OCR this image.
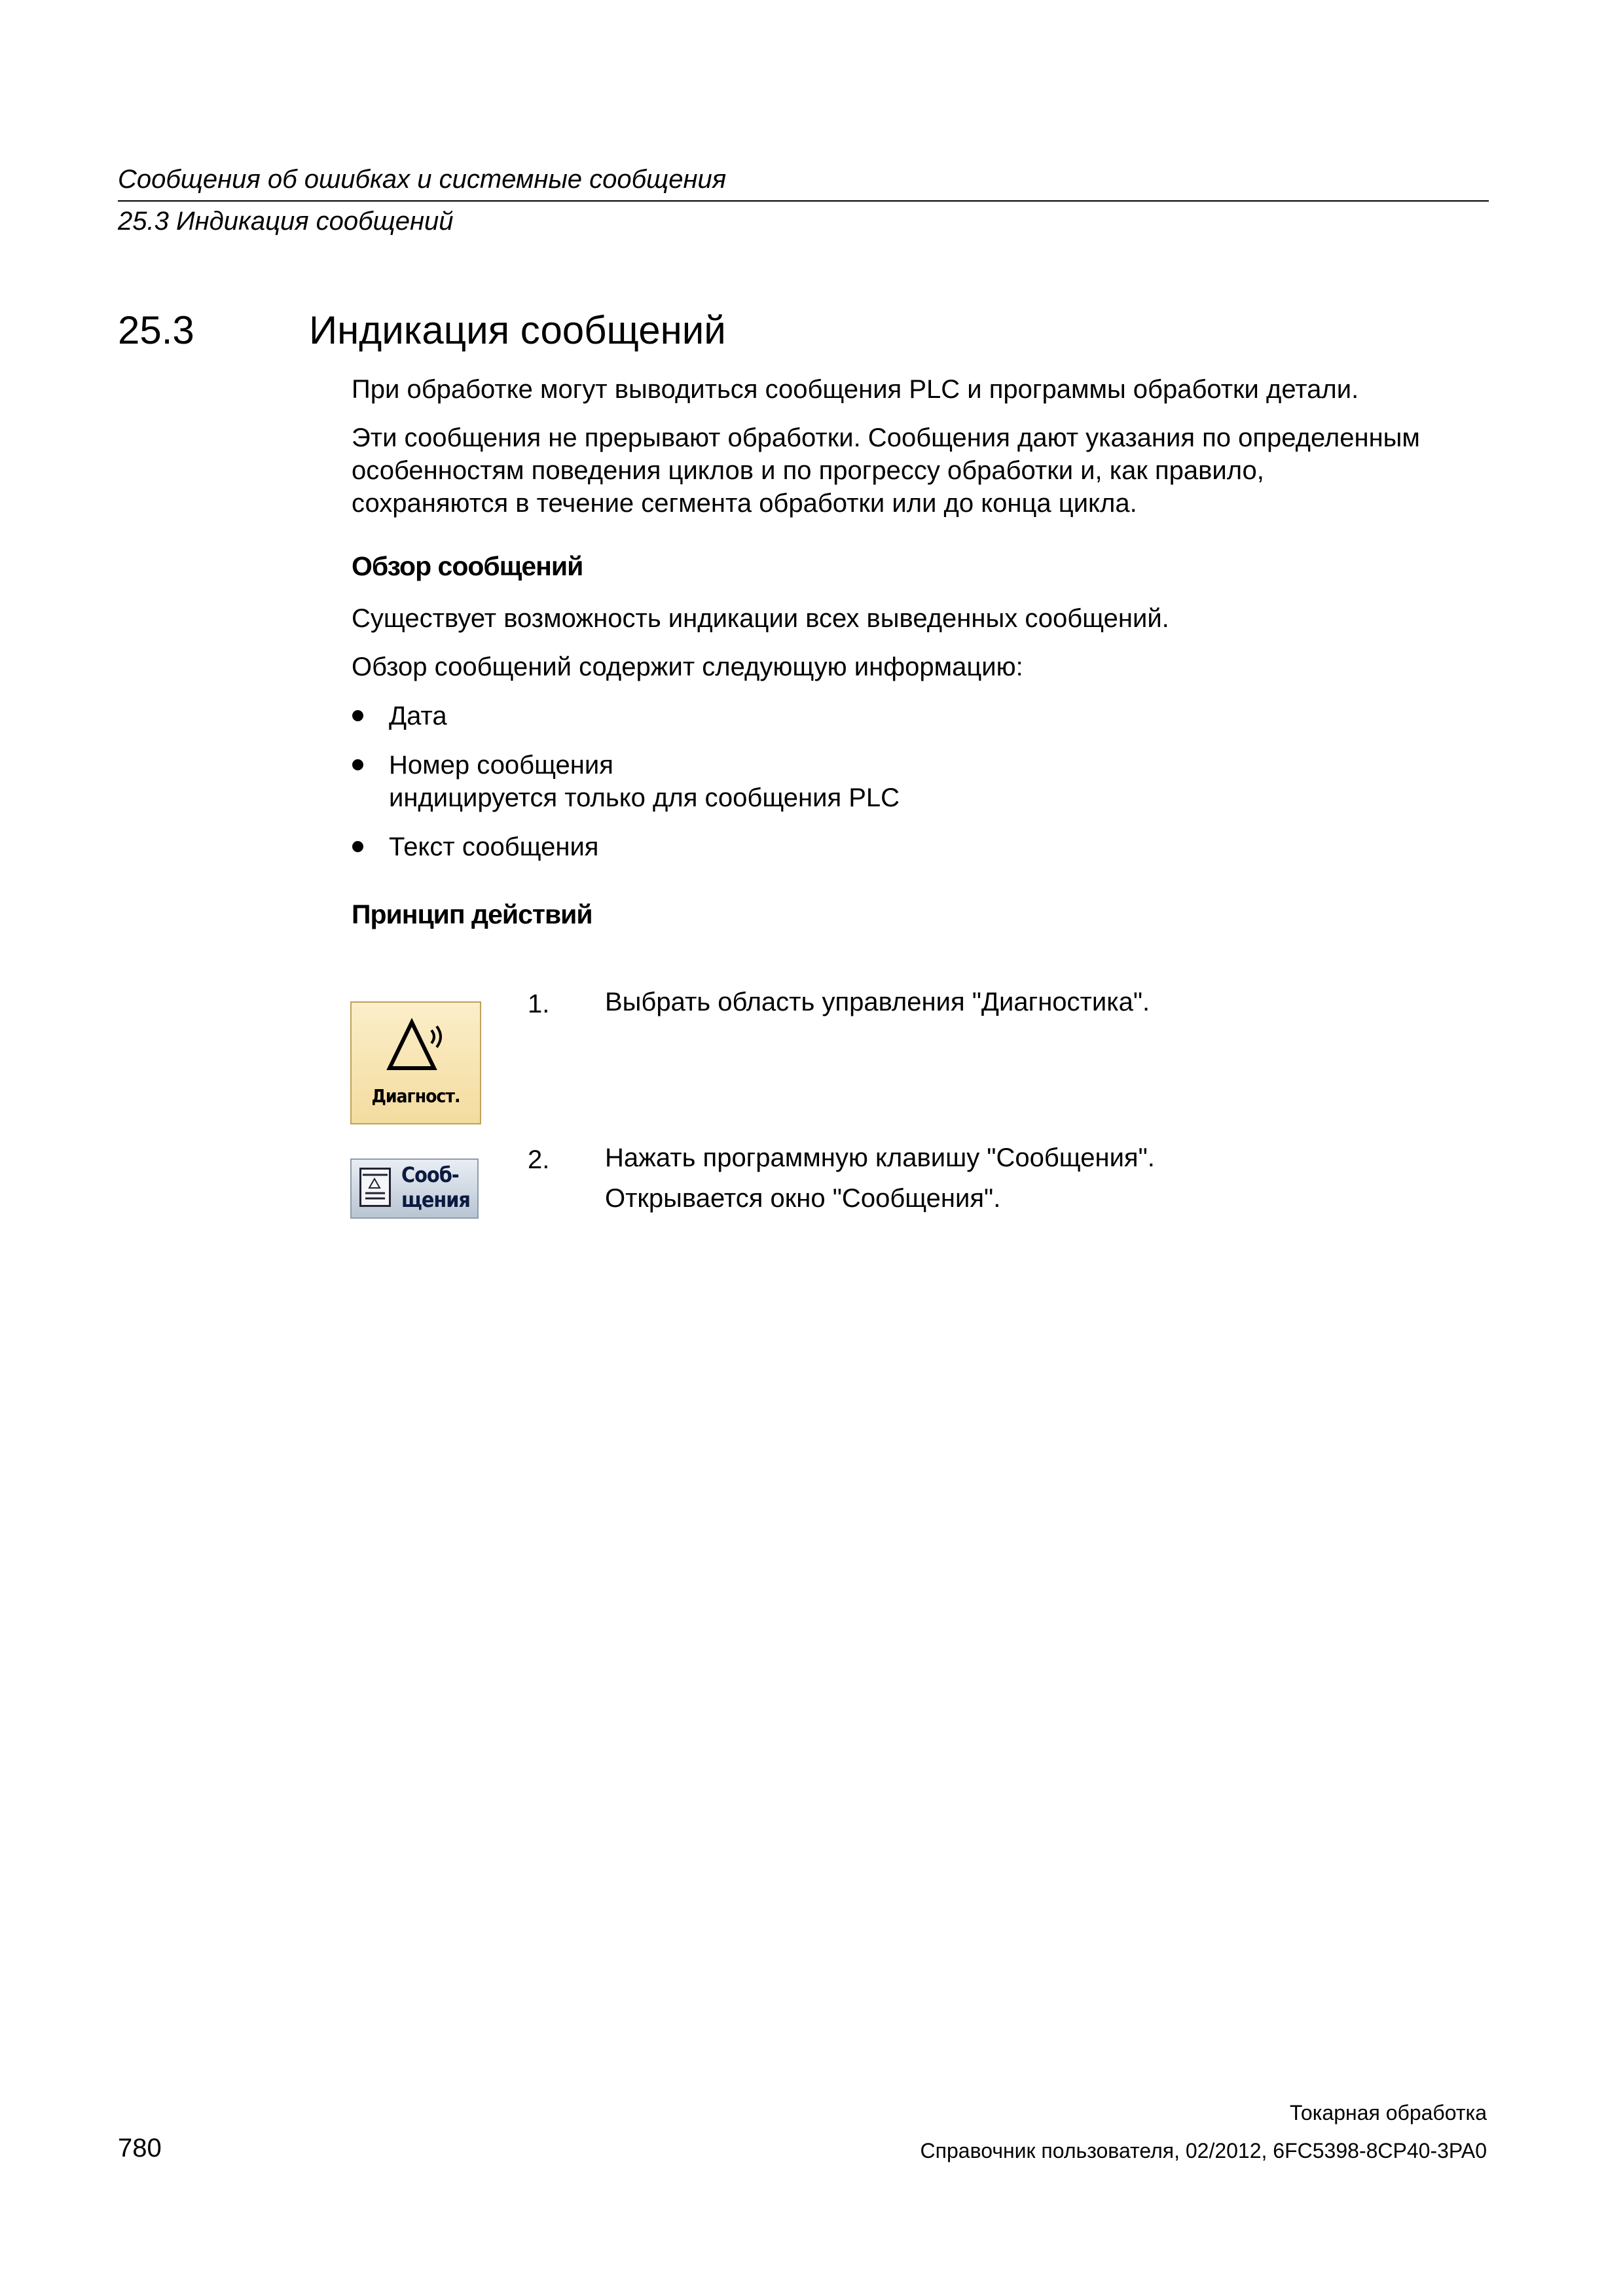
Сообщения об ошибках и системные сообщения
25.3 Индикация сообщений
25.3	Индикация сообщений
При обработке могут выводиться сообщения PLC и программы обработки детали.
Эти сообщения не прерывают обработки. Сообщения дают указания по определенным
особенностям поведения циклов и по прогрессу обработки и, как правило,
сохраняются в течение сегмента обработки или до конца цикла.
Обзор сообщений
Существует возможность индикации всех выведенных сообщений.
Обзор сообщений содержит следующую информацию:
Дата
Номер сообщения
индицируется только для сообщения PLC
Текст сообщения
Принцип действий
Диагност.
1. Выбрать область управления "Диагностика".
Сооб-
щения
2. Нажать программную клавишу "Сообщения".
Открывается окно "Сообщения".
Токарная обработка
780	Справочник пользователя, 02/2012, 6FC5398-8CP40-3PA0
